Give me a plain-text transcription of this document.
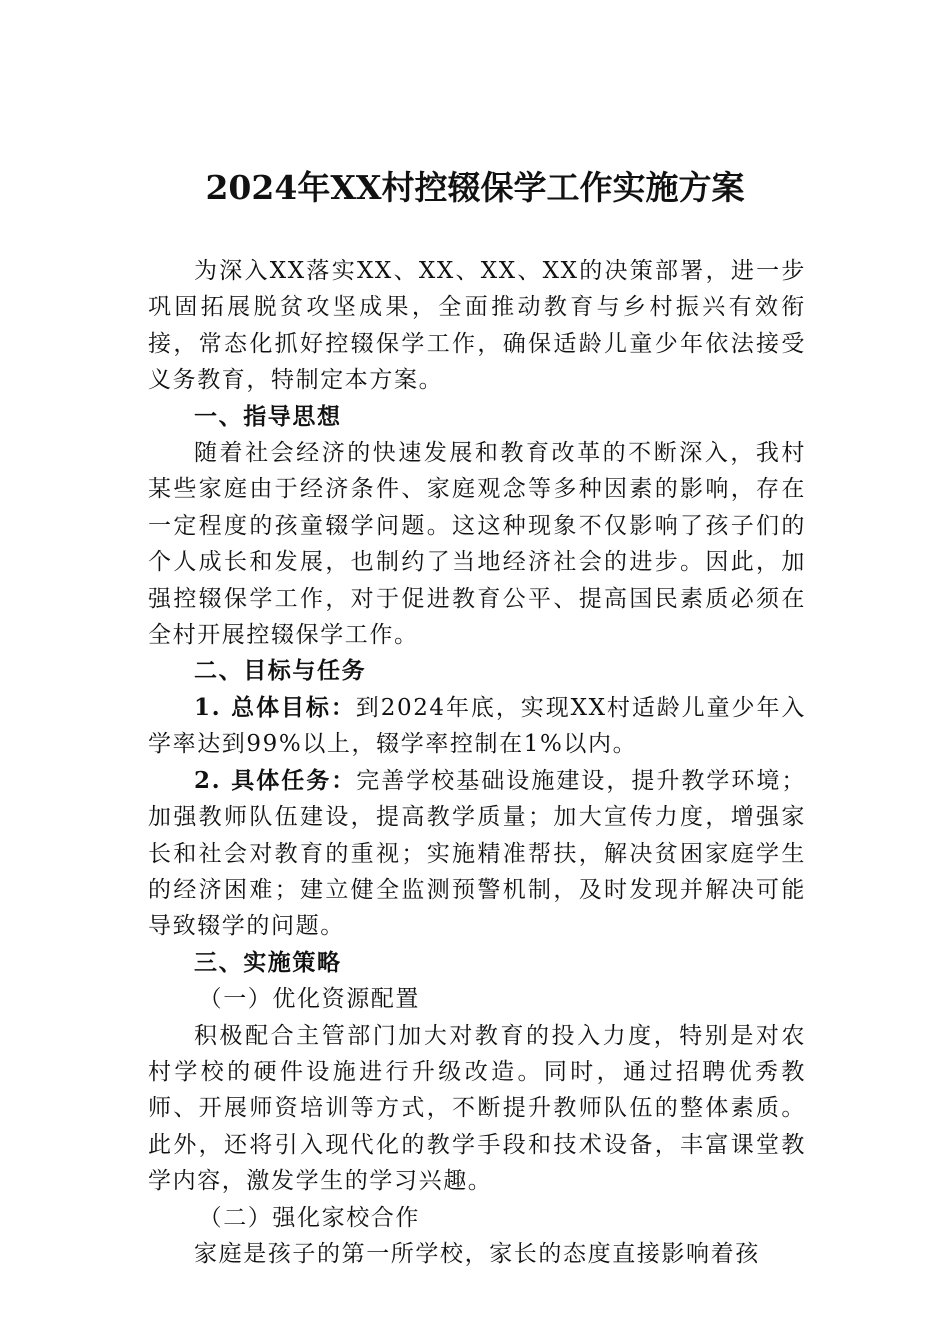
2024年XX村控辍保学工作实施方案

为深入XX落实XX、XX、XX、XX的决策部署，进一步巩固拓展脱贫攻坚成果，全面推动教育与乡村振兴有效衔接，常态化抓好控辍保学工作，确保适龄儿童少年依法接受义务教育，特制定本方案。

一、指导思想

随着社会经济的快速发展和教育改革的不断深入，我村某些家庭由于经济条件、家庭观念等多种因素的影响，存在一定程度的孩童辍学问题。这这种现象不仅影响了孩子们的个人成长和发展，也制约了当地经济社会的进步。因此，加强控辍保学工作，对于促进教育公平、提高国民素质必须在全村开展控辍保学工作。

二、目标与任务

1. 总体目标：到2024年底，实现XX村适龄儿童少年入学率达到99%以上，辍学率控制在1%以内。

2. 具体任务：完善学校基础设施建设，提升教学环境；加强教师队伍建设，提高教学质量；加大宣传力度，增强家长和社会对教育的重视；实施精准帮扶，解决贫困家庭学生的经济困难；建立健全监测预警机制，及时发现并解决可能导致辍学的问题。

三、实施策略

（一）优化资源配置

积极配合主管部门加大对教育的投入力度，特别是对农村学校的硬件设施进行升级改造。同时，通过招聘优秀教师、开展师资培训等方式，不断提升教师队伍的整体素质。此外，还将引入现代化的教学手段和技术设备，丰富课堂教学内容，激发学生的学习兴趣。

（二）强化家校合作

家庭是孩子的第一所学校，家长的态度直接影响着孩
